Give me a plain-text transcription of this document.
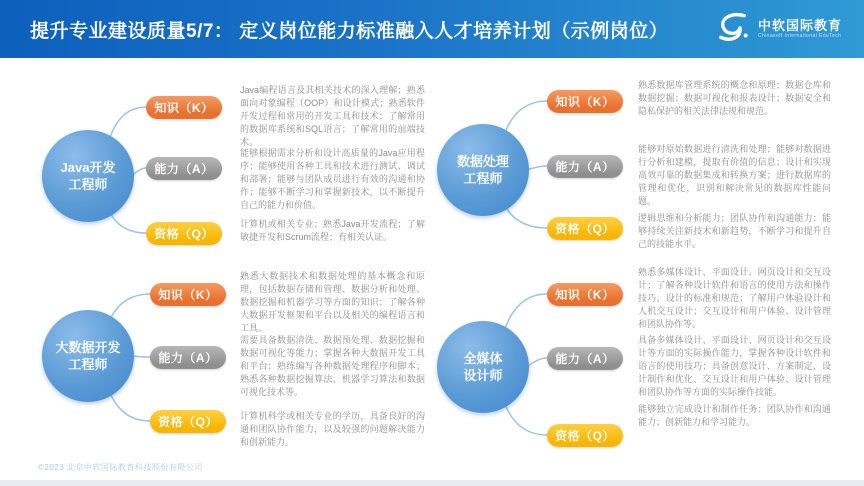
提升专业建设质量5/7： 定义岗位能力标准融入人才培养计划（示例岗位）	中软国际教育
Chinasoft International EduTech
Java开发
工程师
知识（K）
能力（A）
资格（Q）
Java编程语言及其相关技术的深入理解；熟悉面向对象编程（OOP）和设计模式；熟悉软件开发过程和常用的开发工具和技术；了解常用的数据库系统和SQL语言；了解常用的前端技术。
能够根据需求分析和设计高质量的Java应用程序；能够使用各种工具和技术进行测试、调试和部署；能够与团队成员进行有效的沟通和协作；能够不断学习和掌握新技术，以不断提升自己的能力和价值。
计算机或相关专业；熟悉Java开发流程；了解敏捷开发和Scrum流程；有相关认证。
大数据开发
工程师
知识（K）
能力（A）
资格（Q）
熟悉大数据技术和数据处理的基本概念和原理，包括数据存储和管理、数据分析和处理、数据挖掘和机器学习等方面的知识；了解各种大数据开发框架和平台以及相关的编程语言和工具。
需要具备数据清洗、数据预处理、数据挖掘和数据可视化等能力；掌握各种大数据开发工具和平台；熟练编写各种数据处理程序和脚本；熟悉各种数据挖掘算法、机器学习算法和数据可视化技术等。
计算机科学或相关专业的学历，具备良好的沟通和团队协作能力，以及较强的问题解决能力和创新能力。
数据处理
工程师
知识（K）
能力（A）
资格（Q）
熟悉数据库管理系统的概念和原理；数据仓库和数据挖掘；数据可视化和报表设计；数据安全和隐私保护的相关法律法规和规范。
能够对原始数据进行清洗和处理；能够对数据进行分析和建模，提取有价值的信息；设计和实现高效可靠的数据集成和转换方案；进行数据库的管理和优化，识别和解决常见的数据库性能问题。
逻辑思维和分析能力；团队协作和沟通能力；能够持续关注新技术和新趋势，不断学习和提升自己的技能水平。
全媒体
设计师
知识（K）
能力（A）
资格（Q）
熟悉多媒体设计、平面设计、网页设计和交互设计；了解各种设计软件和语言的使用方法和操作技巧、设计的标准和规范；了解用户体验设计和人机交互设计；交互设计和用户体验、设计管理和团队协作等。
具备多媒体设计、平面设计、网页设计和交互设计等方面的实际操作能力，掌握各种设计软件和语言的使用技巧；具备创意设计、方案制定、设计制作和优化、交互设计和用户体验、设计管理和团队协作等方面的实际操作技能。
能够独立完成设计和制作任务；团队协作和沟通能力；创新能力和学习能力。
©2023 北京中软国际教育科技股份有限公司
